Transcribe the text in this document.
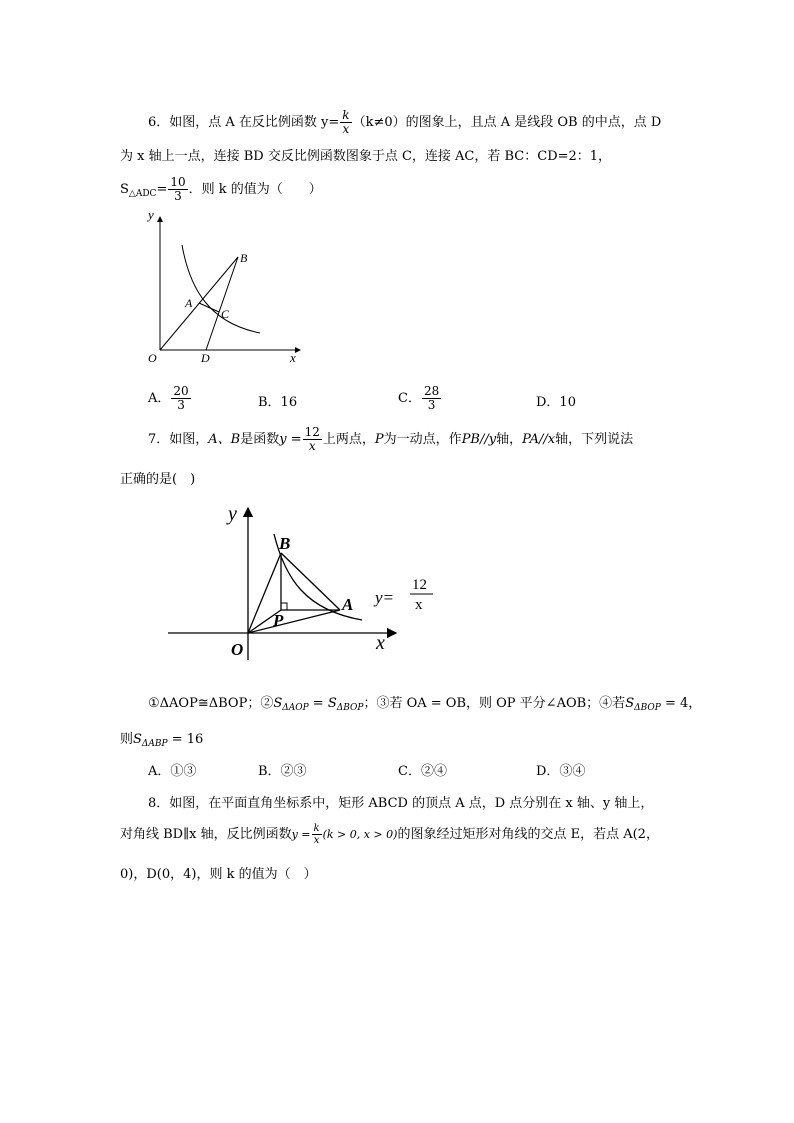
6．如图，点 A 在反比例函数 $y= \frac{k}{x} (k\ne 0)$的图象上，且点 A 是线段 OB 的中点，点 D
为 x 轴上一点，连接 BD 交反比例函数图象于点 C，连接 AC，若 BC：CD=2：1，
$S_{\triangle ADC}= \frac{10}{3}$ ．则 k 的值为（　　）
y
B
A
C
O	D	x
A． $\frac{20}{3}$	B．16	C． $\frac{28}{3}$	D．10
7．如图，A、B是函数$y = \frac{12}{x}$ 上两点，P为一动点，作PB//y轴，PA//x轴，下列说法
正确的是(　)
y
B
A
P
O	x
y=
12
x
①ΔAOP≅ΔBOP；$②S_{\Delta AOP} = S_{\Delta BOP}$；③若 OA = OB，则 OP 平分∠AOB；④若$S_{\Delta BOP} = 4$，
则$S_{\Delta ABP} = 16$
A．①③	B．②③	C．②④	D．③④
8．如图，在平面直角坐标系中，矩形 ABCD 的顶点 A 点，D 点分别在 x 轴、y 轴上，
对角线 BD∥x 轴，反比例函数$y = \frac{k}{x} (k > 0$, x > 0)的图象经过矩形对角线的交点 E，若点 A(2，
0)，D(0，4)，则 k 的值为（　）
